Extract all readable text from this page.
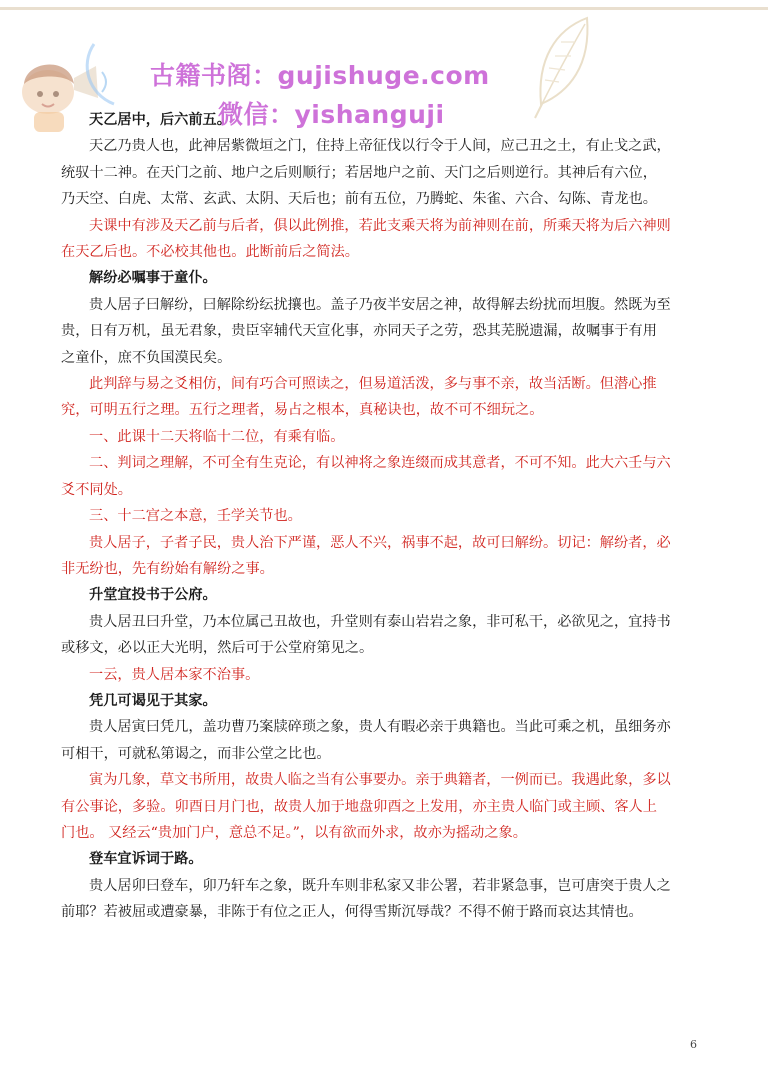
古籍书阁：gujishuge.com
微信：yishanguji

天乙居中，后六前五。

天乙乃贵人也，此神居紫微垣之门，住持上帝征伐以行令于人间，应己丑之土，有止戈之武，统驭十二神。在天门之前、地户之后则顺行；若居地户之前、天门之后则逆行。其神后有六位，乃天空、白虎、太常、玄武、太阴、天后也；前有五位，乃腾蛇、朱雀、六合、勾陈、青龙也。

夫课中有涉及天乙前与后者，俱以此例推，若此支乘天将为前神则在前，所乘天将为后六神则在天乙后也。不必校其他也。此断前后之简法。

解纷必嘱事于童仆。

贵人居子曰解纷，曰解除纷纭扰攘也。盖子乃夜半安居之神，故得解去纷扰而坦腹。然既为至贵，日有万机，虽无君象，贵臣宰辅代天宣化事，亦同天子之劳，恐其芜脱遗漏，故嘱事于有用之童仆，庶不负国漠民矣。

此判辞与易之爻相仿，间有巧合可照读之，但易道活泼，多与事不亲，故当活断。但潜心推究，可明五行之理。五行之理者，易占之根本，真秘诀也，故不可不细玩之。

一、此课十二天将临十二位，有乘有临。

二、判词之理解，不可全有生克论，有以神将之象连缀而成其意者，不可不知。此大六壬与六爻不同处。

三、十二宫之本意，壬学关节也。

贵人居子，子者子民，贵人治下严谨，恶人不兴，祸事不起，故可曰解纷。切记：解纷者，必非无纷也，先有纷始有解纷之事。

升堂宜投书于公府。

贵人居丑曰升堂，乃本位属己丑故也，升堂则有泰山岩岩之象，非可私干，必欲见之，宜持书或移文，必以正大光明，然后可于公堂府第见之。

一云，贵人居本家不治事。

凭几可谒见于其家。

贵人居寅曰凭几，盖功曹乃案牍碎琐之象，贵人有暇必亲于典籍也。当此可乘之机，虽细务亦可相干，可就私第谒之，而非公堂之比也。

寅为几象，草文书所用，故贵人临之当有公事要办。亲于典籍者，一例而已。我遇此象，多以有公事论，多验。卯酉日月门也，故贵人加于地盘卯酉之上发用，亦主贵人临门或主顾、客人上门也。 又经云“贵加门户，意总不足。”，以有欲而外求，故亦为摇动之象。

登车宜诉词于路。

贵人居卯曰登车，卯乃轩车之象，既升车则非私家又非公署，若非紧急事，岂可唐突于贵人之前耶？若被屈或遭豪暴，非陈于有位之正人，何得雪斯沉辱哉？不得不俯于路而哀达其情也。

6
